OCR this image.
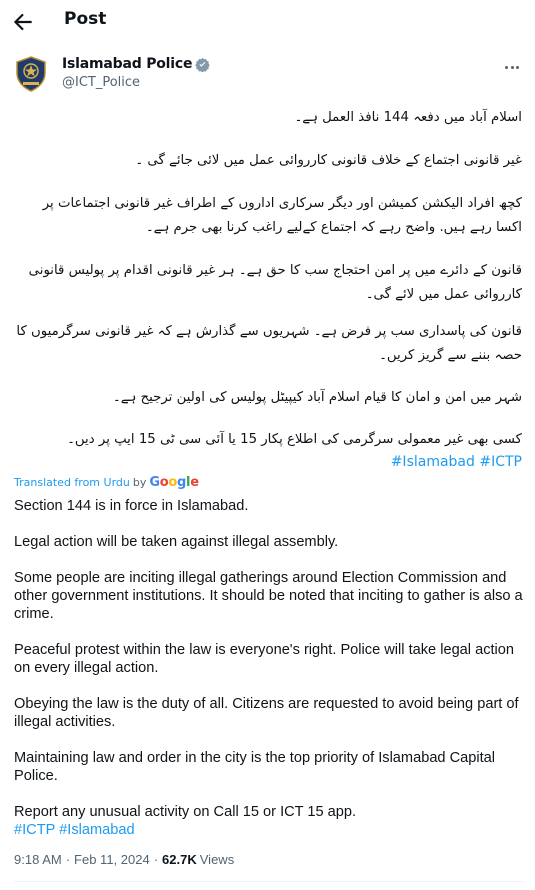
Post
Islamabad Police
@ICT_Police
اسلام آباد میں دفعہ 144 نافذ العمل ہے۔
غیر قانونی اجتماع کے خلاف قانونی کارروائی عمل میں لائی جائے گی ۔
کچھ افراد الیکشن کمیشن اور دیگر سرکاری اداروں کے اطراف غیر قانونی اجتماعات پر اکسا رہے ہیں. واضح رہے کہ اجتماع کےلیے راغب کرنا بھی جرم ہے۔
قانون کے دائرے میں پر امن احتجاج سب کا حق ہے۔ ہر غیر قانونی اقدام پر پولیس قانونی کارروائی عمل میں لائے گی۔
قانون کی پاسداری سب پر فرض ہے۔ شہریوں سے گذارش ہے کہ غیر قانونی سرگرمیوں کا حصہ بننے سے گریز کریں۔
شہر میں امن و امان کا قیام اسلام آباد کیپیٹل پولیس کی اولین ترجیح ہے۔
کسی بھی غیر معمولی سرگرمی کی اطلاع پکار 15 یا آئی سی ٹی 15 ایپ پر دیں۔
#Islamabad #ICTP
Translated from Urdu by Google
Section 144 is in force in Islamabad.
Legal action will be taken against illegal assembly.
Some people are inciting illegal gatherings around Election Commission and other government institutions. It should be noted that inciting to gather is also a crime.
Peaceful protest within the law is everyone's right. Police will take legal action on every illegal action.
Obeying the law is the duty of all. Citizens are requested to avoid being part of illegal activities.
Maintaining law and order in the city is the top priority of Islamabad Capital Police.
Report any unusual activity on Call 15 or ICT 15 app.
#ICTP #Islamabad
9:18 AM · Feb 11, 2024 · 62.7K Views
